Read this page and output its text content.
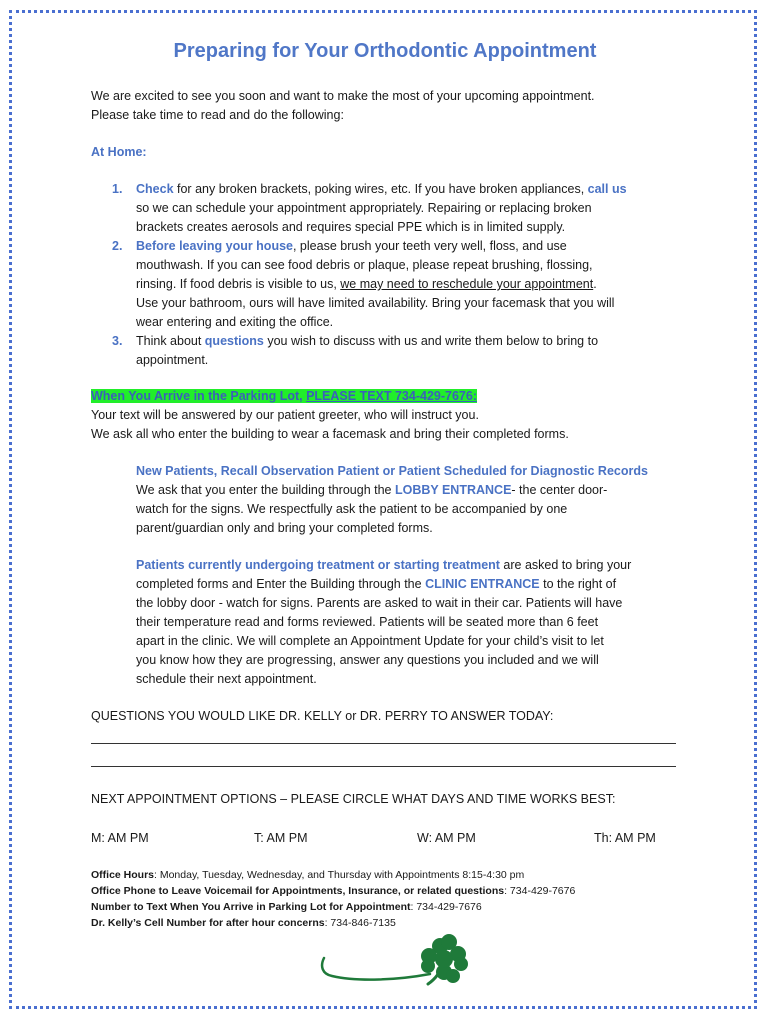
Preparing for Your Orthodontic Appointment
We are excited to see you soon and want to make the most of your upcoming appointment.
Please take time to read and do the following:
At Home:
1. Check for any broken brackets, poking wires, etc. If you have broken appliances, call us
so we can schedule your appointment appropriately. Repairing or replacing broken
brackets creates aerosols and requires special PPE which is in limited supply.
2. Before leaving your house, please brush your teeth very well, floss, and use
mouthwash. If you can see food debris or plaque, please repeat brushing, flossing,
rinsing. If food debris is visible to us, we may need to reschedule your appointment.
Use your bathroom, ours will have limited availability. Bring your facemask that you will
wear entering and exiting the office.
3. Think about questions you wish to discuss with us and write them below to bring to
appointment.
When You Arrive in the Parking Lot, PLEASE TEXT 734-429-7676:
Your text will be answered by our patient greeter, who will instruct you.
We ask all who enter the building to wear a facemask and bring their completed forms.
New Patients, Recall Observation Patient or Patient Scheduled for Diagnostic Records
We ask that you enter the building through the LOBBY ENTRANCE- the center door-
watch for the signs. We respectfully ask the patient to be accompanied by one
parent/guardian only and bring your completed forms.
Patients currently undergoing treatment or starting treatment are asked to bring your
completed forms and Enter the Building through the CLINIC ENTRANCE to the right of
the lobby door - watch for signs. Parents are asked to wait in their car. Patients will have
their temperature read and forms reviewed. Patients will be seated more than 6 feet
apart in the clinic. We will complete an Appointment Update for your child’s visit to let
you know how they are progressing, answer any questions you included and we will
schedule their next appointment.
QUESTIONS YOU WOULD LIKE DR. KELLY or DR. PERRY TO ANSWER TODAY:
NEXT APPOINTMENT OPTIONS – PLEASE CIRCLE WHAT DAYS AND TIME WORKS BEST:
M: AM PM	T: AM PM	W: AM PM	Th: AM PM
Office Hours: Monday, Tuesday, Wednesday, and Thursday with Appointments 8:15-4:30 pm
Office Phone to Leave Voicemail for Appointments, Insurance, or related questions: 734-429-7676
Number to Text When You Arrive in Parking Lot for Appointment: 734-429-7676
Dr. Kelly’s Cell Number for after hour concerns: 734-846-7135
